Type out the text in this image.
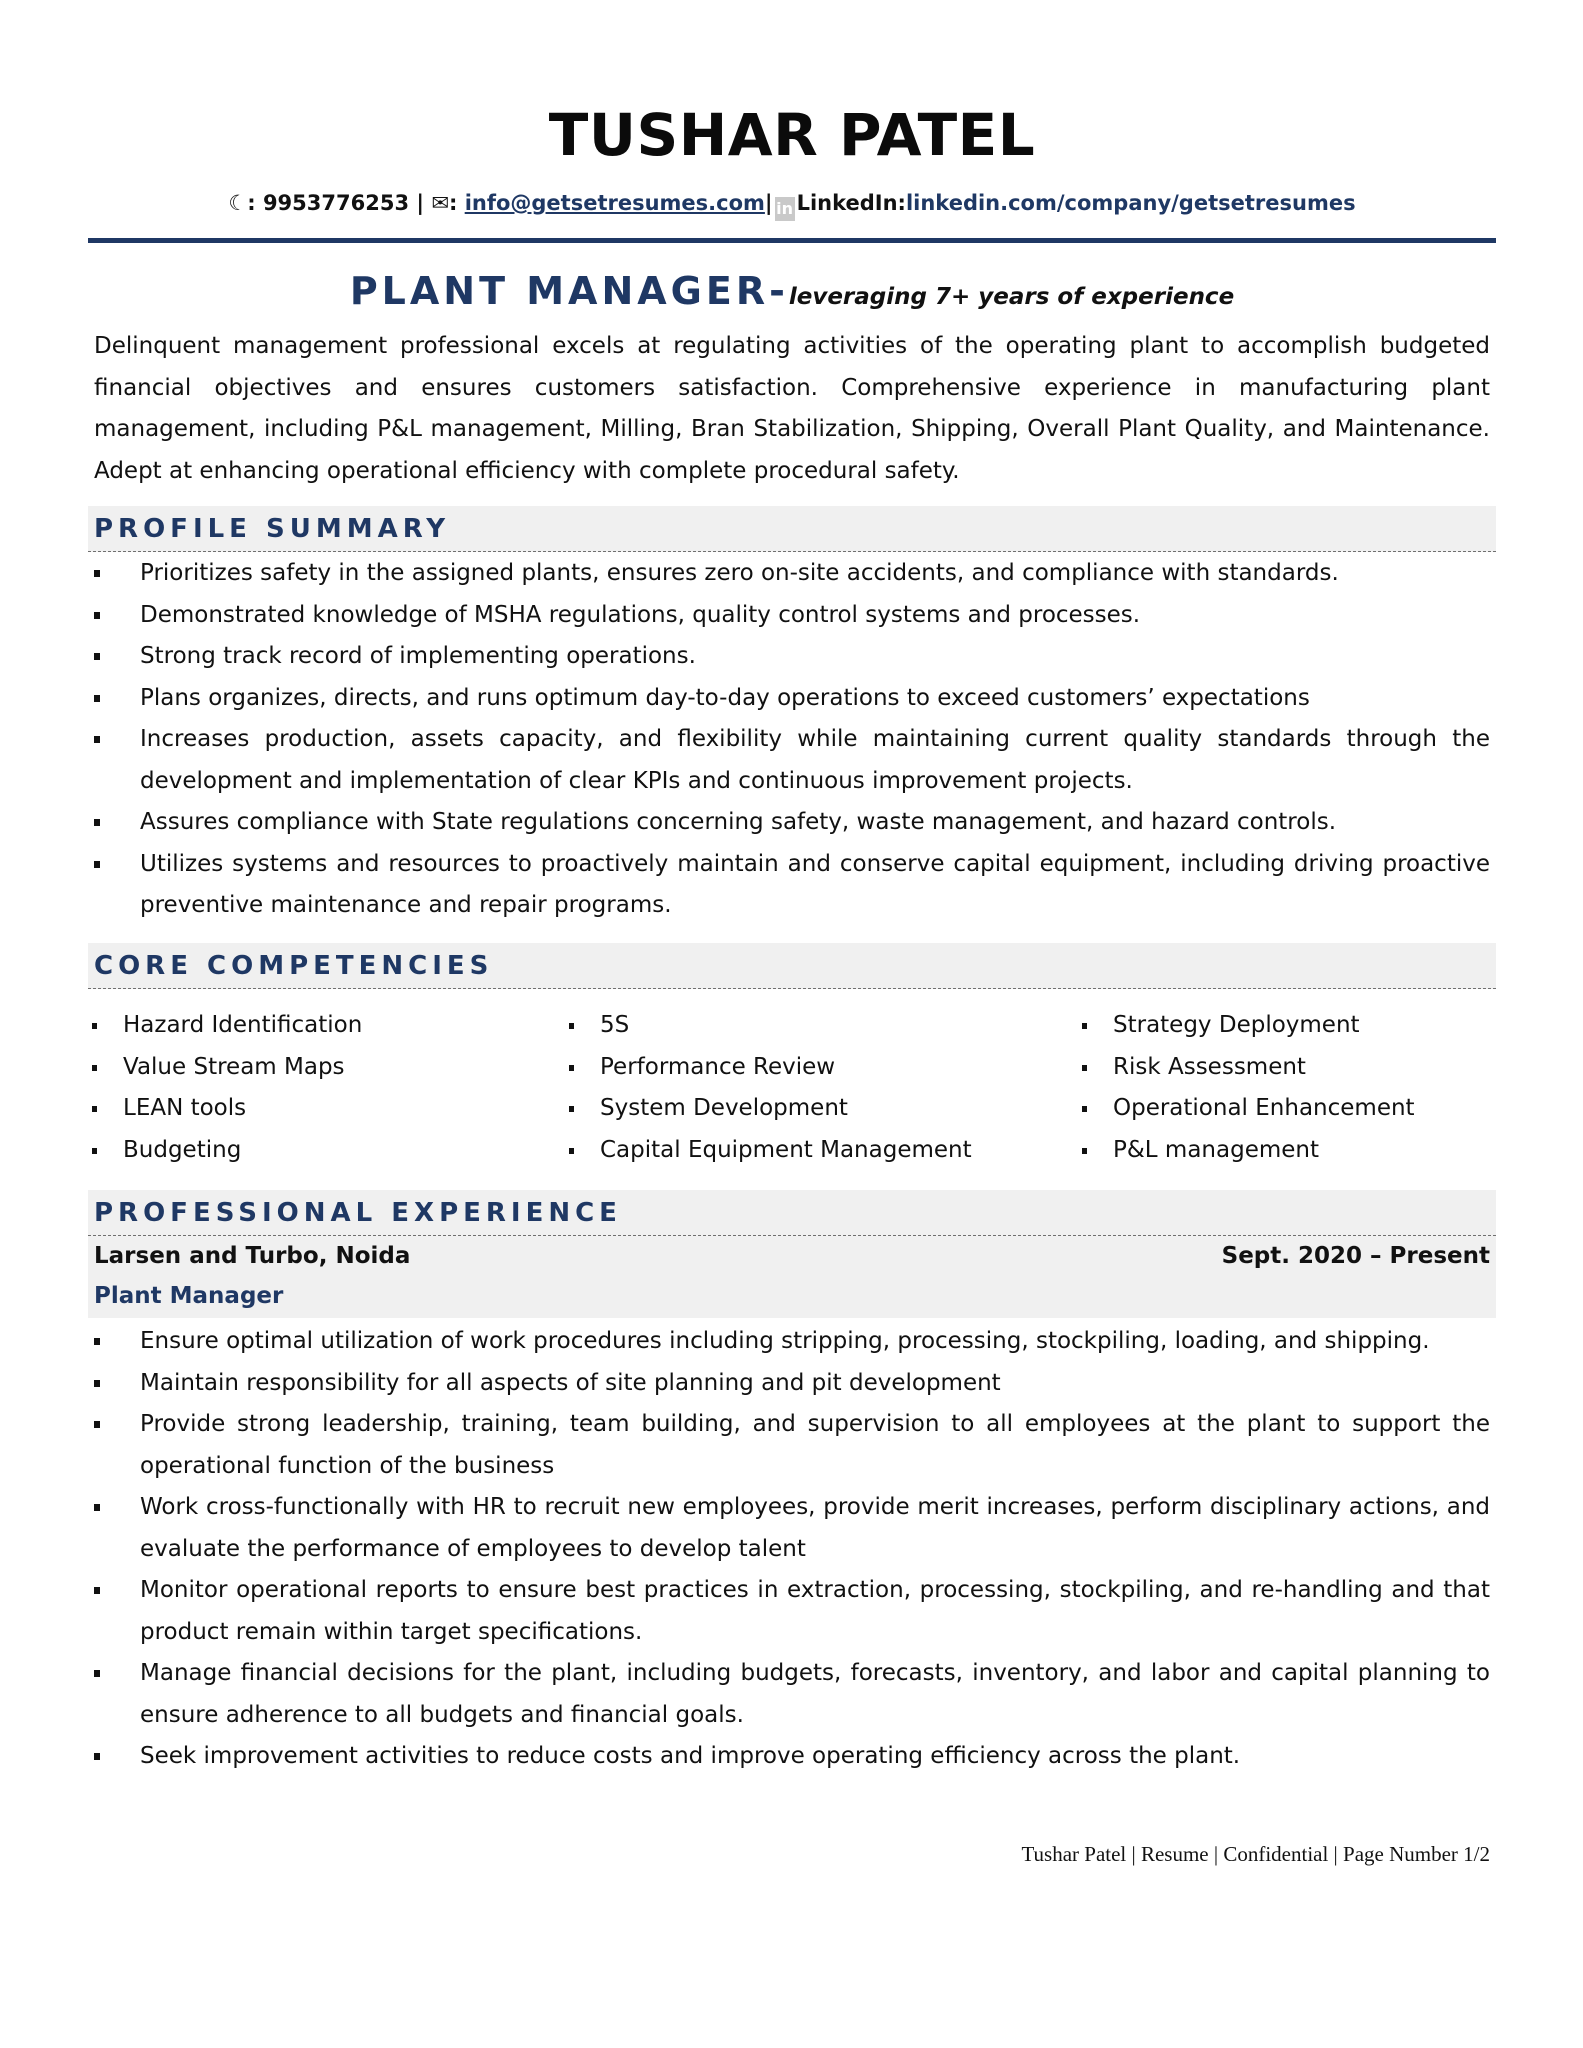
TUSHAR PATEL
☾: 9953776253 | ✉: info@getsetresumes.com| in LinkedIn:linkedin.com/company/getsetresumes
PLANT MANAGER-leveraging 7+ years of experience

Delinquent management professional excels at regulating activities of the operating plant to accomplish budgeted financial objectives and ensures customers satisfaction. Comprehensive experience in manufacturing plant management, including P&L management, Milling, Bran Stabilization, Shipping, Overall Plant Quality, and Maintenance. Adept at enhancing operational efficiency with complete procedural safety.

PROFILE SUMMARY
Prioritizes safety in the assigned plants, ensures zero on-site accidents, and compliance with standards.
Demonstrated knowledge of MSHA regulations, quality control systems and processes.
Strong track record of implementing operations.
Plans organizes, directs, and runs optimum day-to-day operations to exceed customers’ expectations
Increases production, assets capacity, and flexibility while maintaining current quality standards through the development and implementation of clear KPIs and continuous improvement projects.
Assures compliance with State regulations concerning safety, waste management, and hazard controls.
Utilizes systems and resources to proactively maintain and conserve capital equipment, including driving proactive preventive maintenance and repair programs.
CORE COMPETENCIES
Hazard Identification
Value Stream Maps
LEAN tools
Budgeting
5S
Performance Review
System Development
Capital Equipment Management
Strategy Deployment
Risk Assessment
Operational Enhancement
P&L management
PROFESSIONAL EXPERIENCE
Larsen and Turbo, Noida	Sept. 2020 – Present
Plant Manager
Ensure optimal utilization of work procedures including stripping, processing, stockpiling, loading, and shipping.
Maintain responsibility for all aspects of site planning and pit development
Provide strong leadership, training, team building, and supervision to all employees at the plant to support the operational function of the business
Work cross-functionally with HR to recruit new employees, provide merit increases, perform disciplinary actions, and evaluate the performance of employees to develop talent
Monitor operational reports to ensure best practices in extraction, processing, stockpiling, and re-handling and that product remain within target specifications.
Manage financial decisions for the plant, including budgets, forecasts, inventory, and labor and capital planning to ensure adherence to all budgets and financial goals.
Seek improvement activities to reduce costs and improve operating efficiency across the plant.
Tushar Patel | Resume | Confidential | Page Number 1/2
